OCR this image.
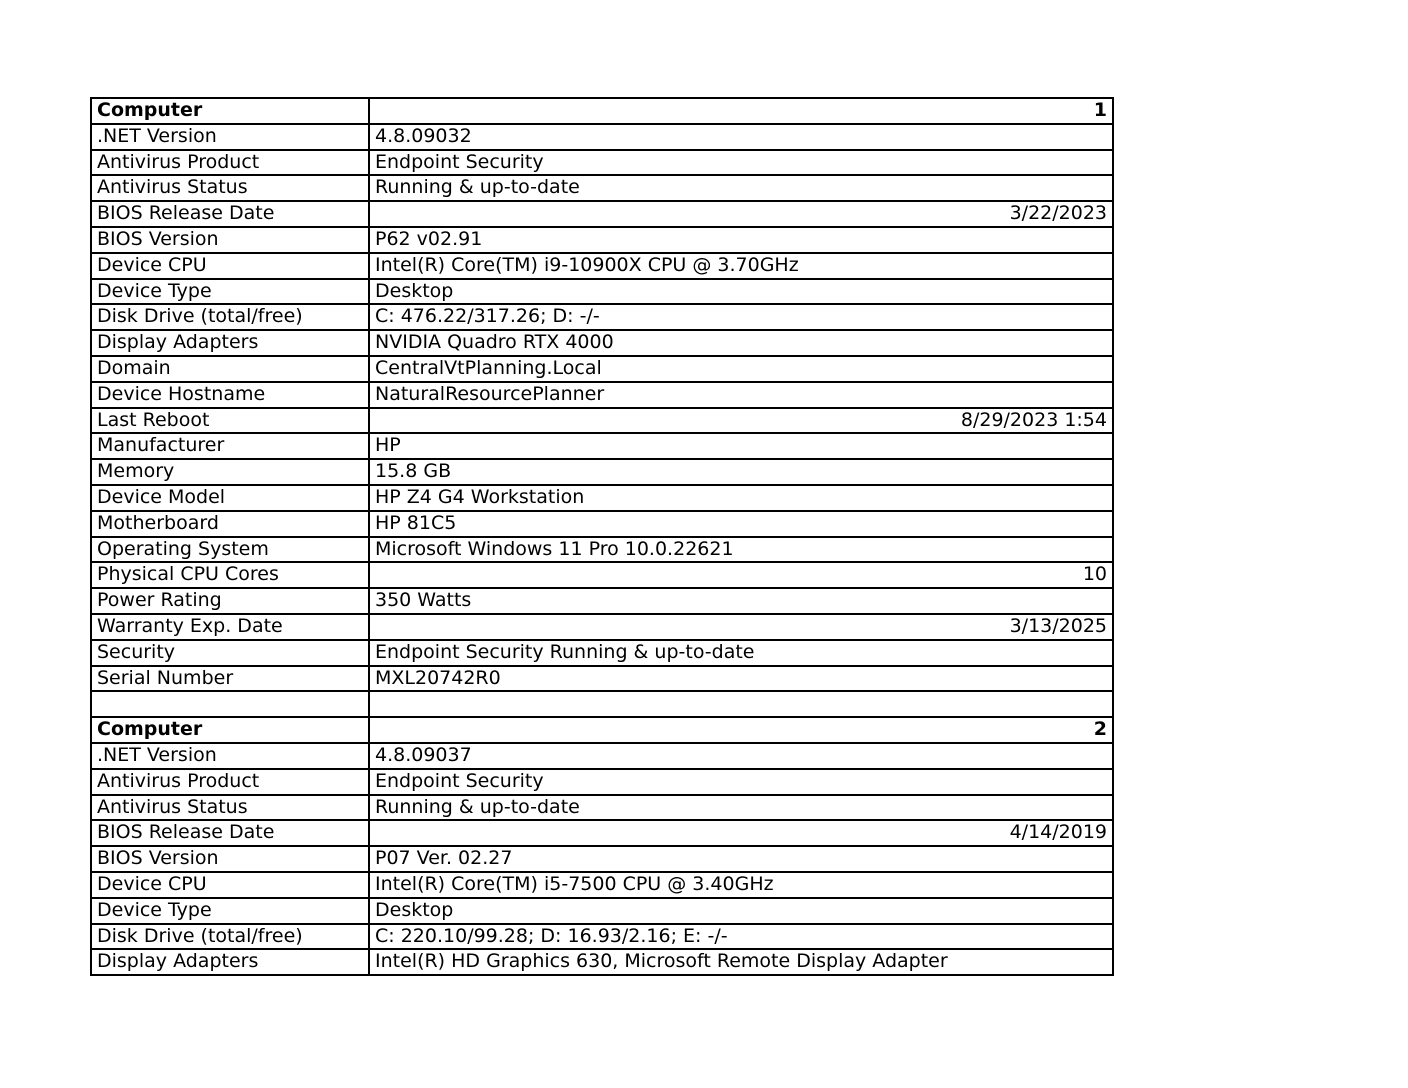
Computer	1
.NET Version	4.8.09032
Antivirus Product	Endpoint Security
Antivirus Status	Running & up-to-date
BIOS Release Date	3/22/2023
BIOS Version	P62 v02.91
Device CPU	Intel(R) Core(TM) i9-10900X CPU @ 3.70GHz
Device Type	Desktop
Disk Drive (total/free)	C: 476.22/317.26; D: -/-
Display Adapters	NVIDIA Quadro RTX 4000
Domain	CentralVtPlanning.Local
Device Hostname	NaturalResourcePlanner
Last Reboot	8/29/2023 1:54
Manufacturer	HP
Memory	15.8 GB
Device Model	HP Z4 G4 Workstation
Motherboard	HP 81C5
Operating System	Microsoft Windows 11 Pro 10.0.22621
Physical CPU Cores	10
Power Rating	350 Watts
Warranty Exp. Date	3/13/2025
Security	Endpoint Security Running & up-to-date
Serial Number	MXL20742R0

Computer	2
.NET Version	4.8.09037
Antivirus Product	Endpoint Security
Antivirus Status	Running & up-to-date
BIOS Release Date	4/14/2019
BIOS Version	P07 Ver. 02.27
Device CPU	Intel(R) Core(TM) i5-7500 CPU @ 3.40GHz
Device Type	Desktop
Disk Drive (total/free)	C: 220.10/99.28; D: 16.93/2.16; E: -/-
Display Adapters	Intel(R) HD Graphics 630, Microsoft Remote Display Adapter
